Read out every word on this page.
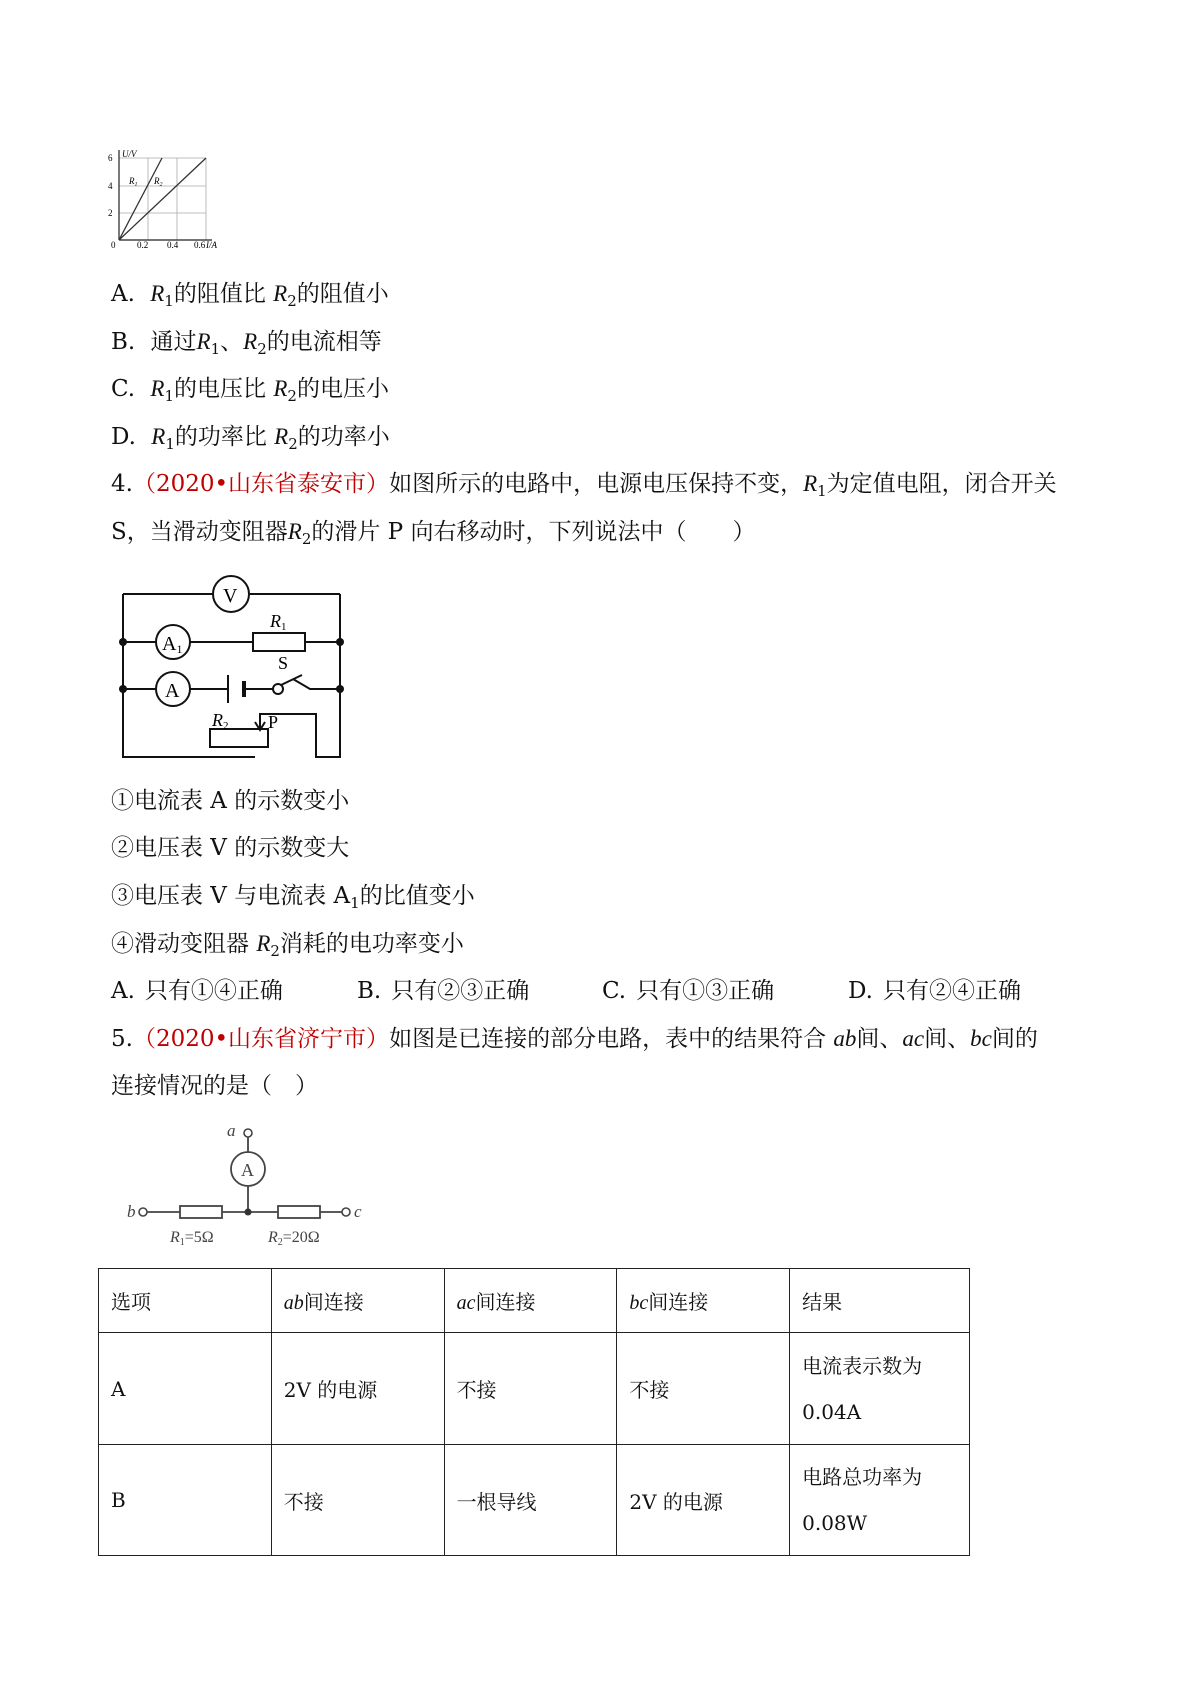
U/V
I/A
6
4
2
0 0.2 0.4 0.6
$R_1$ $R_2$
A. $R_1$的阻值比 $R_2$的阻值小
B. 通过$R_1$、$R_2$的电流相等
C. $R_1$的电压比 $R_2$的电压小
D. $R_1$的功率比 $R_2$的功率小
4.（2020•山东省泰安市）如图所示的电路中，电源电压保持不变，$R_1$为定值电阻，闭合开关
S，当滑动变阻器$R_2$的滑片 P 向右移动时，下列说法中（　　）
V
A1
R1
A
S
R2 P
①电流表 A 的示数变小
②电压表 V 的示数变大
③电压表 V 与电流表 $A_1$的比值变小
④滑动变阻器 $R_2$消耗的电功率变小
A. 只有①④正确	B. 只有②③正确	C. 只有①③正确	D. 只有②④正确
5.（2020•山东省济宁市）如图是已连接的部分电路，表中的结果符合 ab间、ac间、bc间的
连接情况的是（　）
A
a
b	c
R1=5Ω	R2=20Ω
选项	ab间连接	ac间连接	bc间连接	结果
A	2V 的电源	不接	不接	电流表示数为
0.04A

B	不接	一根导线	2V 的电源	电路总功率为
0.08W
